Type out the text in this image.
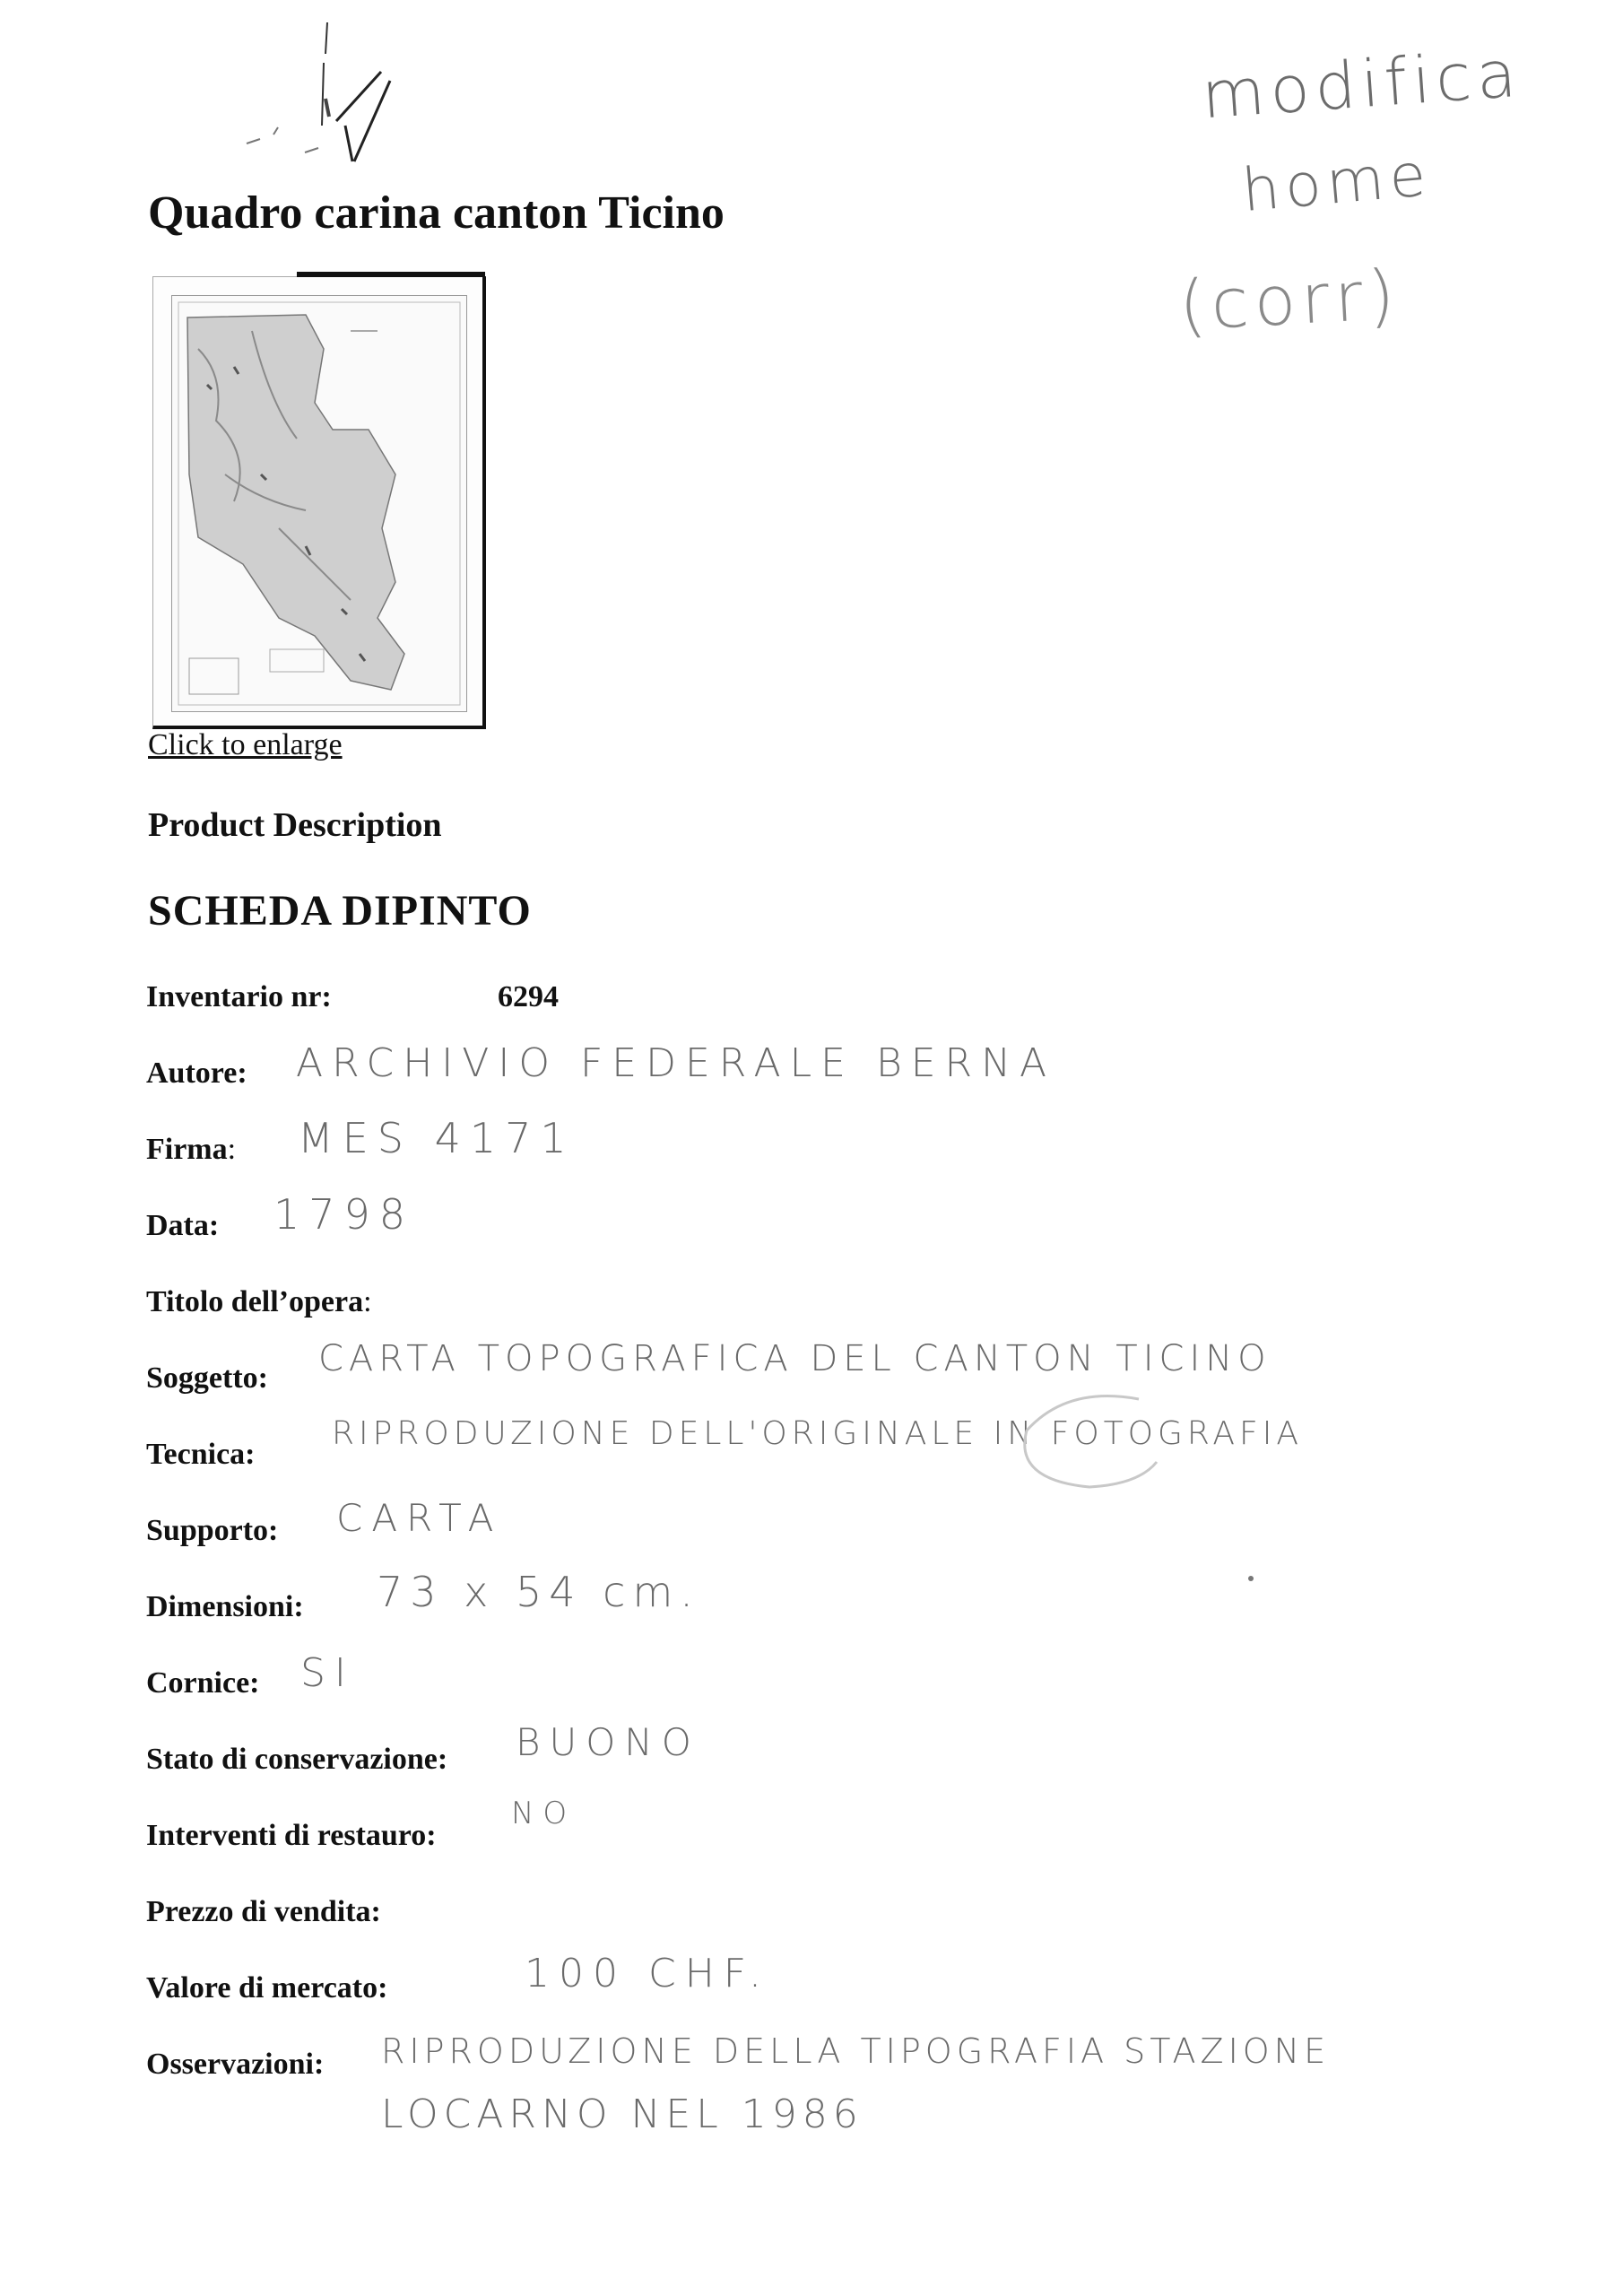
modifica
home
(corr)
Quadro carina canton Ticino
Click to enlarge
Product Description
SCHEDA DIPINTO
Inventario nr:	6294
Autore: ARCHIVIO FEDERALE BERNA
Firma: MES 4171
Data: 1798
Titolo dell’opera:
Soggetto: CARTA TOPOGRAFICA DEL CANTON TICINO
Tecnica:
RIPRODUZIONE DELL'ORIGINALE IN FOTOGRAFIA
Supporto: CARTA
Dimensioni: 73 x 54 cm.
Cornice: SI
Stato di conservazione: BUONO
Interventi di restauro:
NO
Prezzo di vendita:
Valore di mercato:	100 CHF.
Osservazioni: RIPRODUZIONE DELLA TIPOGRAFIA STAZIONE
LOCARNO NEL 1986
